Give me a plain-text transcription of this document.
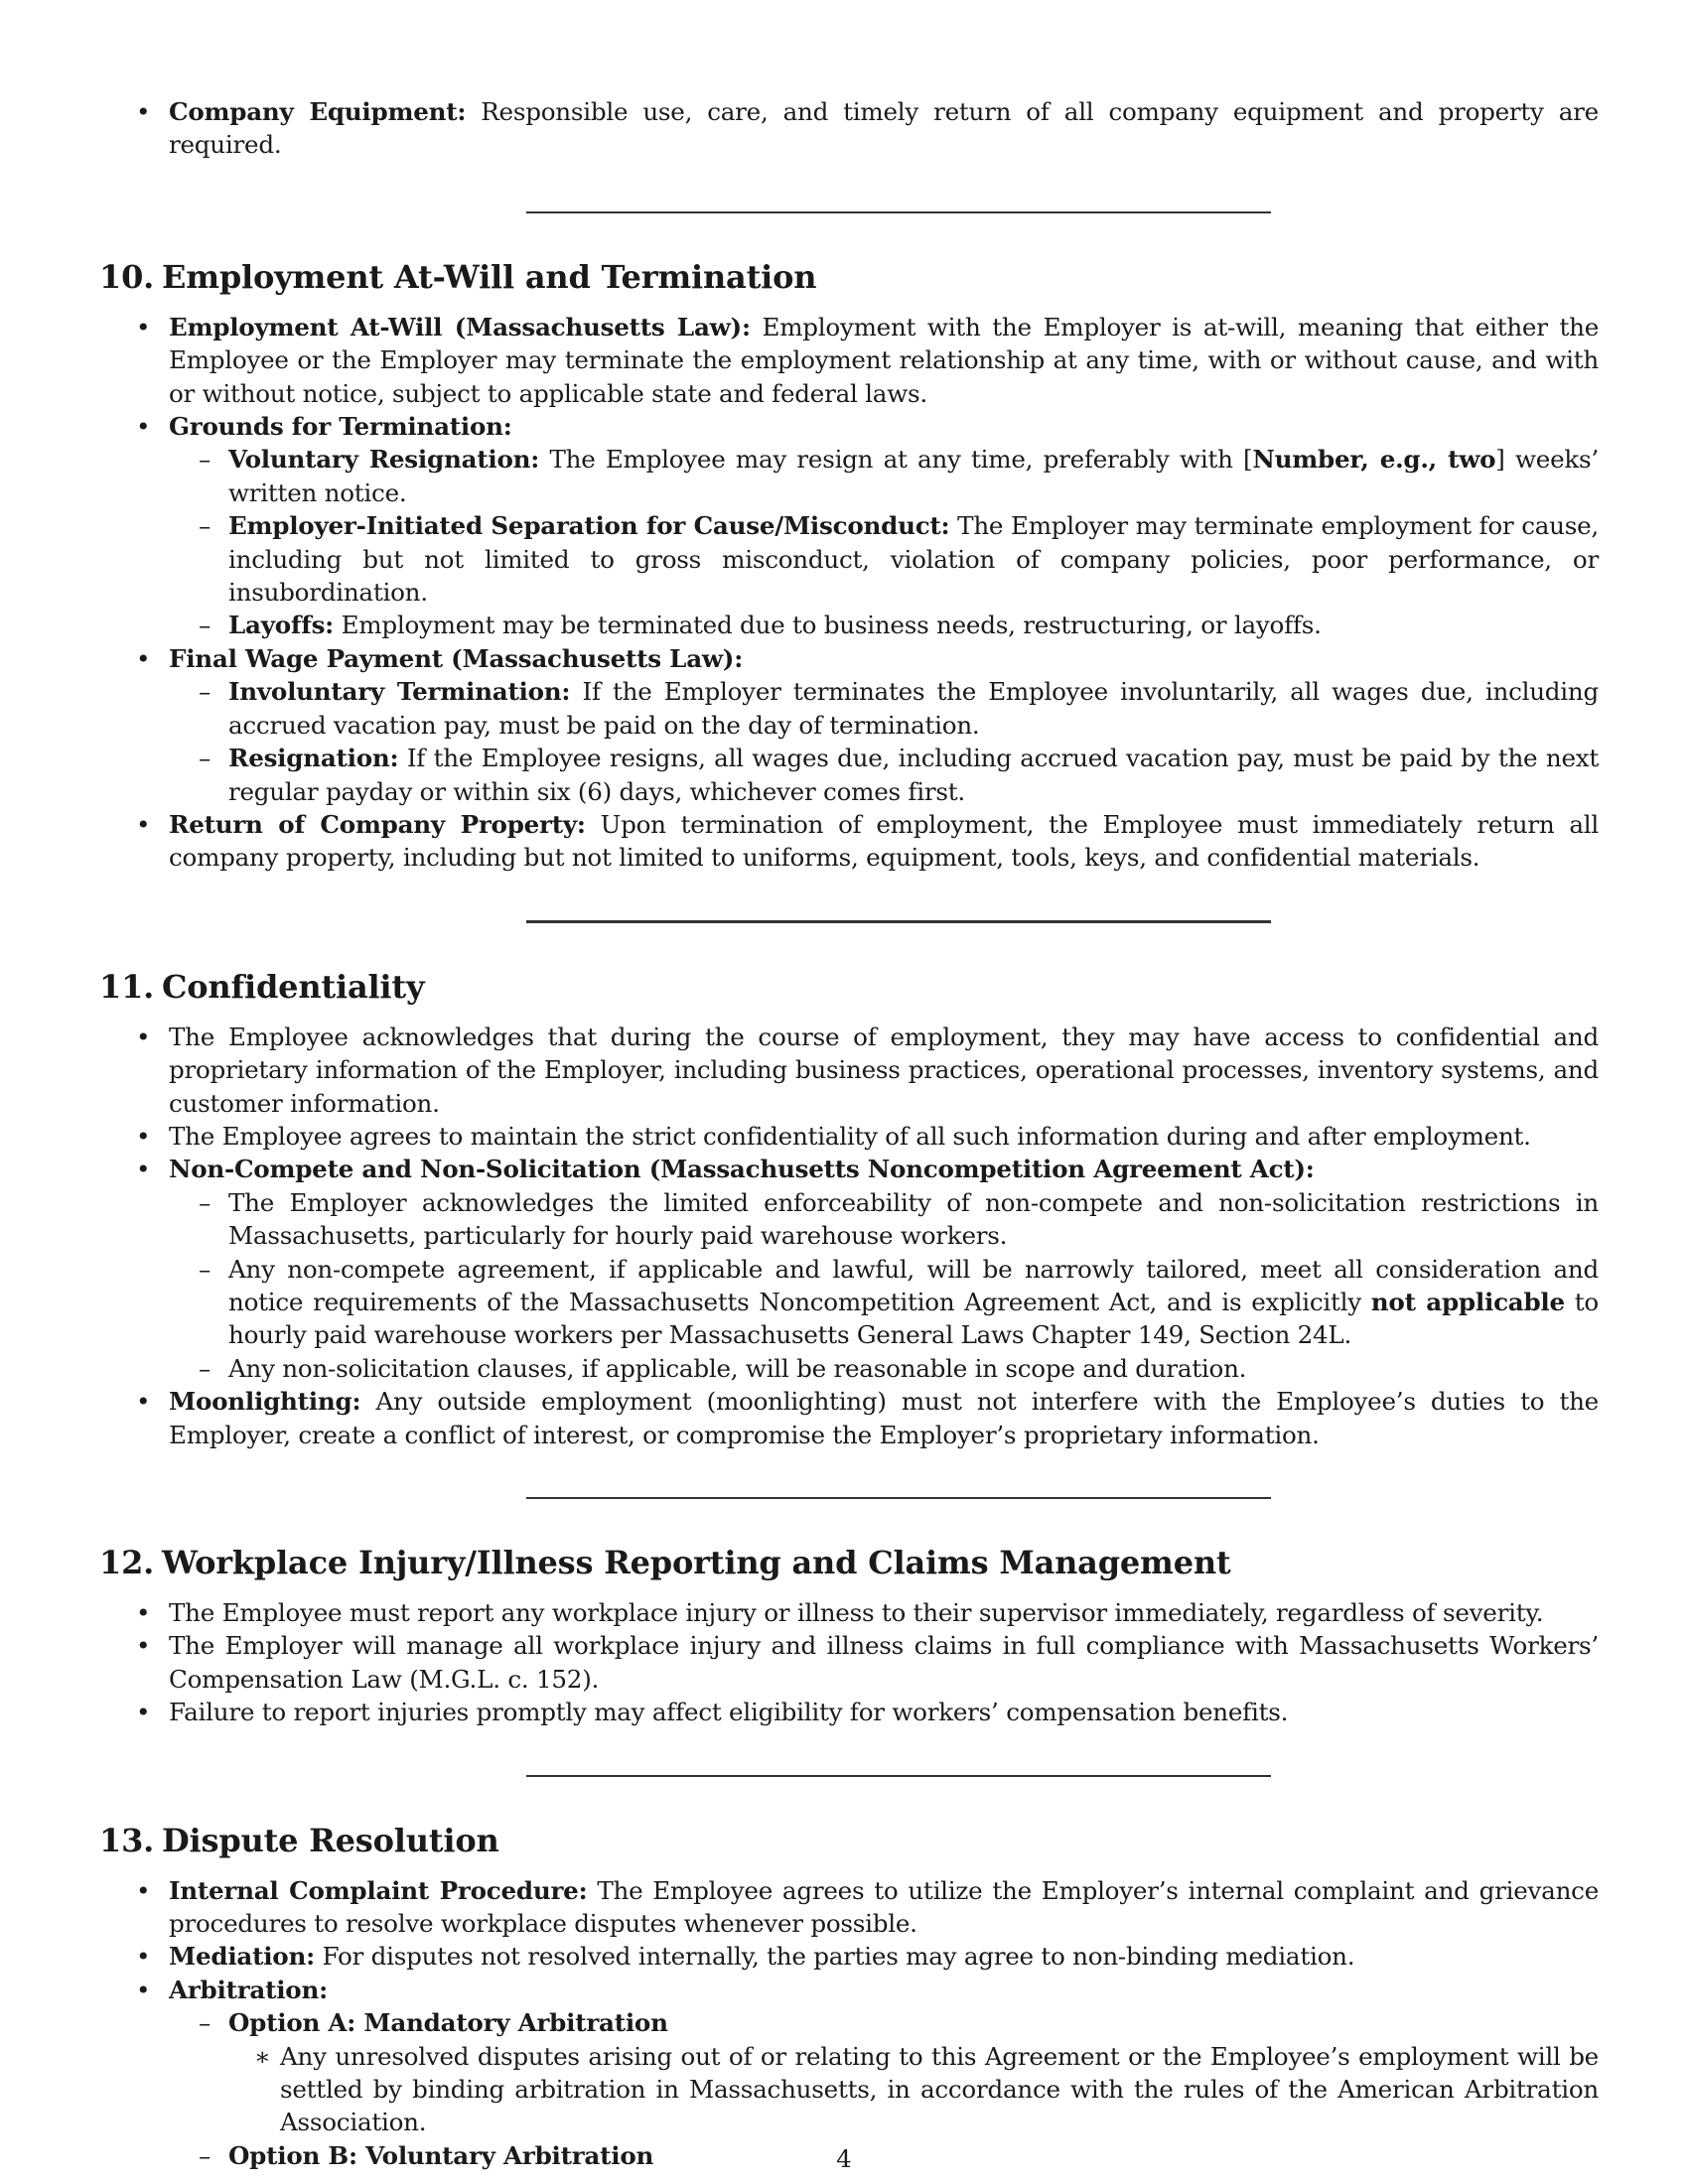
• Company Equipment: Responsible use, care, and timely return of all company equipment and property are required.
10. Employment At-Will and Termination
• Employment At-Will (Massachusetts Law): Employment with the Employer is at-will, meaning that either the Employee or the Employer may terminate the employment relationship at any time, with or without cause, and with or without notice, subject to applicable state and federal laws.
• Grounds for Termination:
– Voluntary Resignation: The Employee may resign at any time, preferably with [Number, e.g., two] weeks’ written notice.
– Employer-Initiated Separation for Cause/Misconduct: The Employer may terminate employment for cause, including but not limited to gross misconduct, violation of company policies, poor performance, or insubordination.
– Layoffs: Employment may be terminated due to business needs, restructuring, or layoffs.
• Final Wage Payment (Massachusetts Law):
– Involuntary Termination: If the Employer terminates the Employee involuntarily, all wages due, including accrued vacation pay, must be paid on the day of termination.
– Resignation: If the Employee resigns, all wages due, including accrued vacation pay, must be paid by the next regular payday or within six (6) days, whichever comes first.
• Return of Company Property: Upon termination of employment, the Employee must immediately return all company property, including but not limited to uniforms, equipment, tools, keys, and confidential materials.
11. Confidentiality
• The Employee acknowledges that during the course of employment, they may have access to confidential and proprietary information of the Employer, including business practices, operational processes, inventory systems, and customer information.
• The Employee agrees to maintain the strict confidentiality of all such information during and after employment.
• Non-Compete and Non-Solicitation (Massachusetts Noncompetition Agreement Act):
– The Employer acknowledges the limited enforceability of non-compete and non-solicitation restrictions in Massachusetts, particularly for hourly paid warehouse workers.
– Any non-compete agreement, if applicable and lawful, will be narrowly tailored, meet all consideration and notice requirements of the Massachusetts Noncompetition Agreement Act, and is explicitly not applicable to hourly paid warehouse workers per Massachusetts General Laws Chapter 149, Section 24L.
– Any non-solicitation clauses, if applicable, will be reasonable in scope and duration.
• Moonlighting: Any outside employment (moonlighting) must not interfere with the Employee’s duties to the Employer, create a conflict of interest, or compromise the Employer’s proprietary information.
12. Workplace Injury/Illness Reporting and Claims Management
• The Employee must report any workplace injury or illness to their supervisor immediately, regardless of severity.
• The Employer will manage all workplace injury and illness claims in full compliance with Massachusetts Workers’ Compensation Law (M.G.L. c. 152).
• Failure to report injuries promptly may affect eligibility for workers’ compensation benefits.
13. Dispute Resolution
• Internal Complaint Procedure: The Employee agrees to utilize the Employer’s internal complaint and grievance procedures to resolve workplace disputes whenever possible.
• Mediation: For disputes not resolved internally, the parties may agree to non-binding mediation.
• Arbitration:
– Option A: Mandatory Arbitration
∗ Any unresolved disputes arising out of or relating to this Agreement or the Employee’s employment will be settled by binding arbitration in Massachusetts, in accordance with the rules of the American Arbitration Association.
– Option B: Voluntary Arbitration	4
